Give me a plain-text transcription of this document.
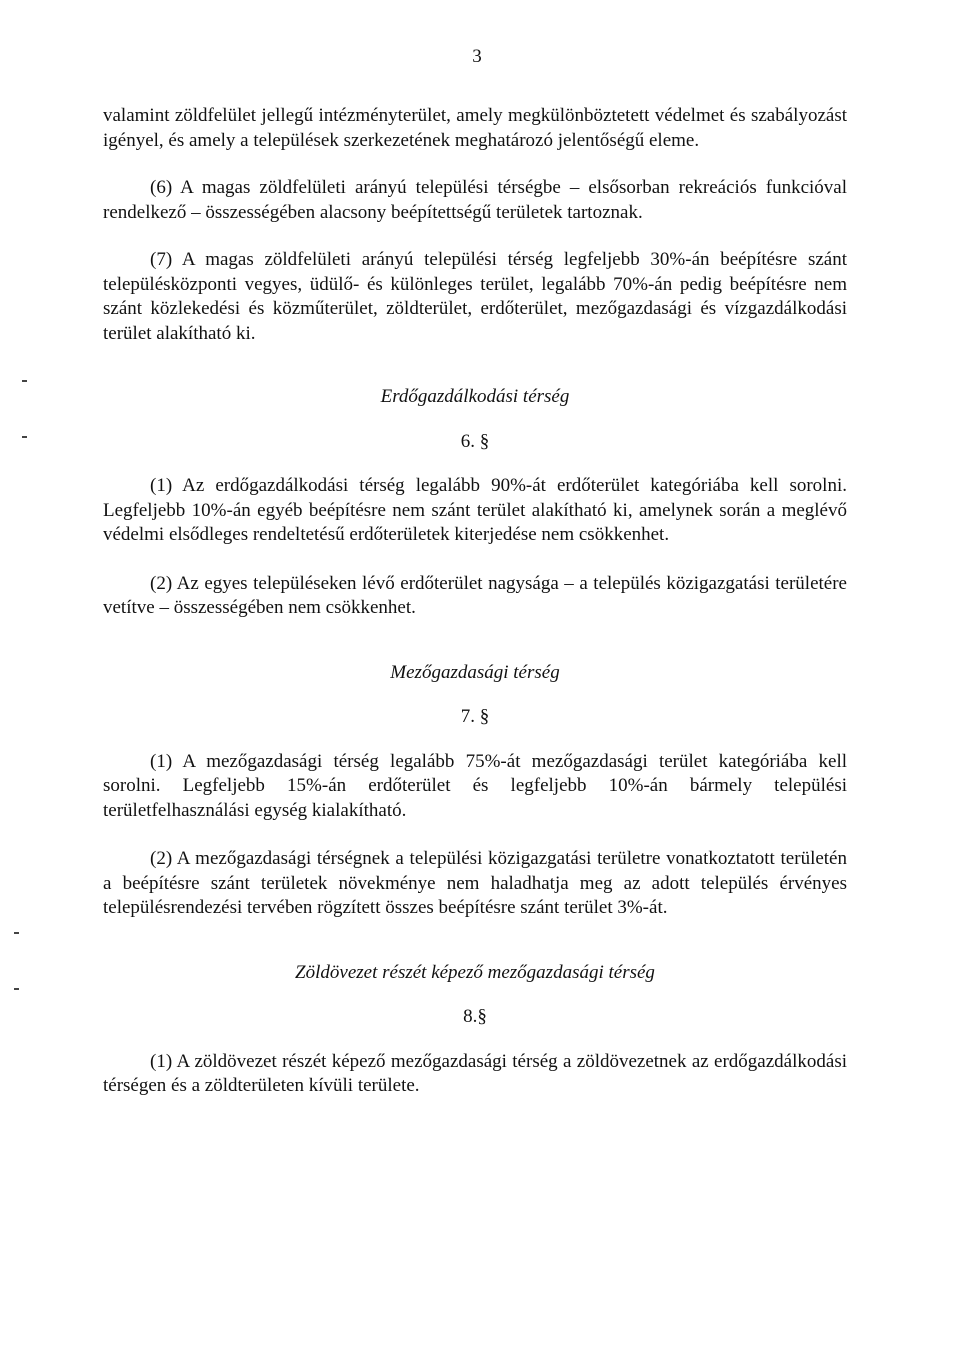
3

valamint zöldfelület jellegű intézményterület, amely megkülönböztetett védelmet és szabályozást igényel, és amely a települések szerkezetének meghatározó jelentőségű eleme.

(6) A magas zöldfelületi arányú települési térségbe – elsősorban rekreációs funkcióval rendelkező – összességében alacsony beépítettségű területek tartoznak.

(7) A magas zöldfelületi arányú települési térség legfeljebb 30%-án beépítésre szánt településközponti vegyes, üdülő- és különleges terület, legalább 70%-án pedig beépítésre nem szánt közlekedési és közműterület, zöldterület, erdőterület, mezőgazdasági és vízgazdálkodási terület alakítható ki.

Erdőgazdálkodási térség
6. §

(1) Az erdőgazdálkodási térség legalább 90%-át erdőterület kategóriába kell sorolni. Legfeljebb 10%-án egyéb beépítésre nem szánt terület alakítható ki, amelynek során a meglévő védelmi elsődleges rendeltetésű erdőterületek kiterjedése nem csökkenhet.

(2) Az egyes településeken lévő erdőterület nagysága – a település közigazgatási területére vetítve – összességében nem csökkenhet.

Mezőgazdasági térség
7. §

(1) A mezőgazdasági térség legalább 75%-át mezőgazdasági terület kategóriába kell sorolni. Legfeljebb 15%-án erdőterület és legfeljebb 10%-án bármely települési területfelhasználási egység kialakítható.

(2) A mezőgazdasági térségnek a települési közigazgatási területre vonatkoztatott területén a beépítésre szánt területek növekménye nem haladhatja meg az adott település érvényes településrendezési tervében rögzített összes beépítésre szánt terület 3%-át.

Zöldövezet részét képező mezőgazdasági térség
8.§

(1) A zöldövezet részét képező mezőgazdasági térség a zöldövezetnek az erdőgazdálkodási térségen és a zöldterületen kívüli területe.
